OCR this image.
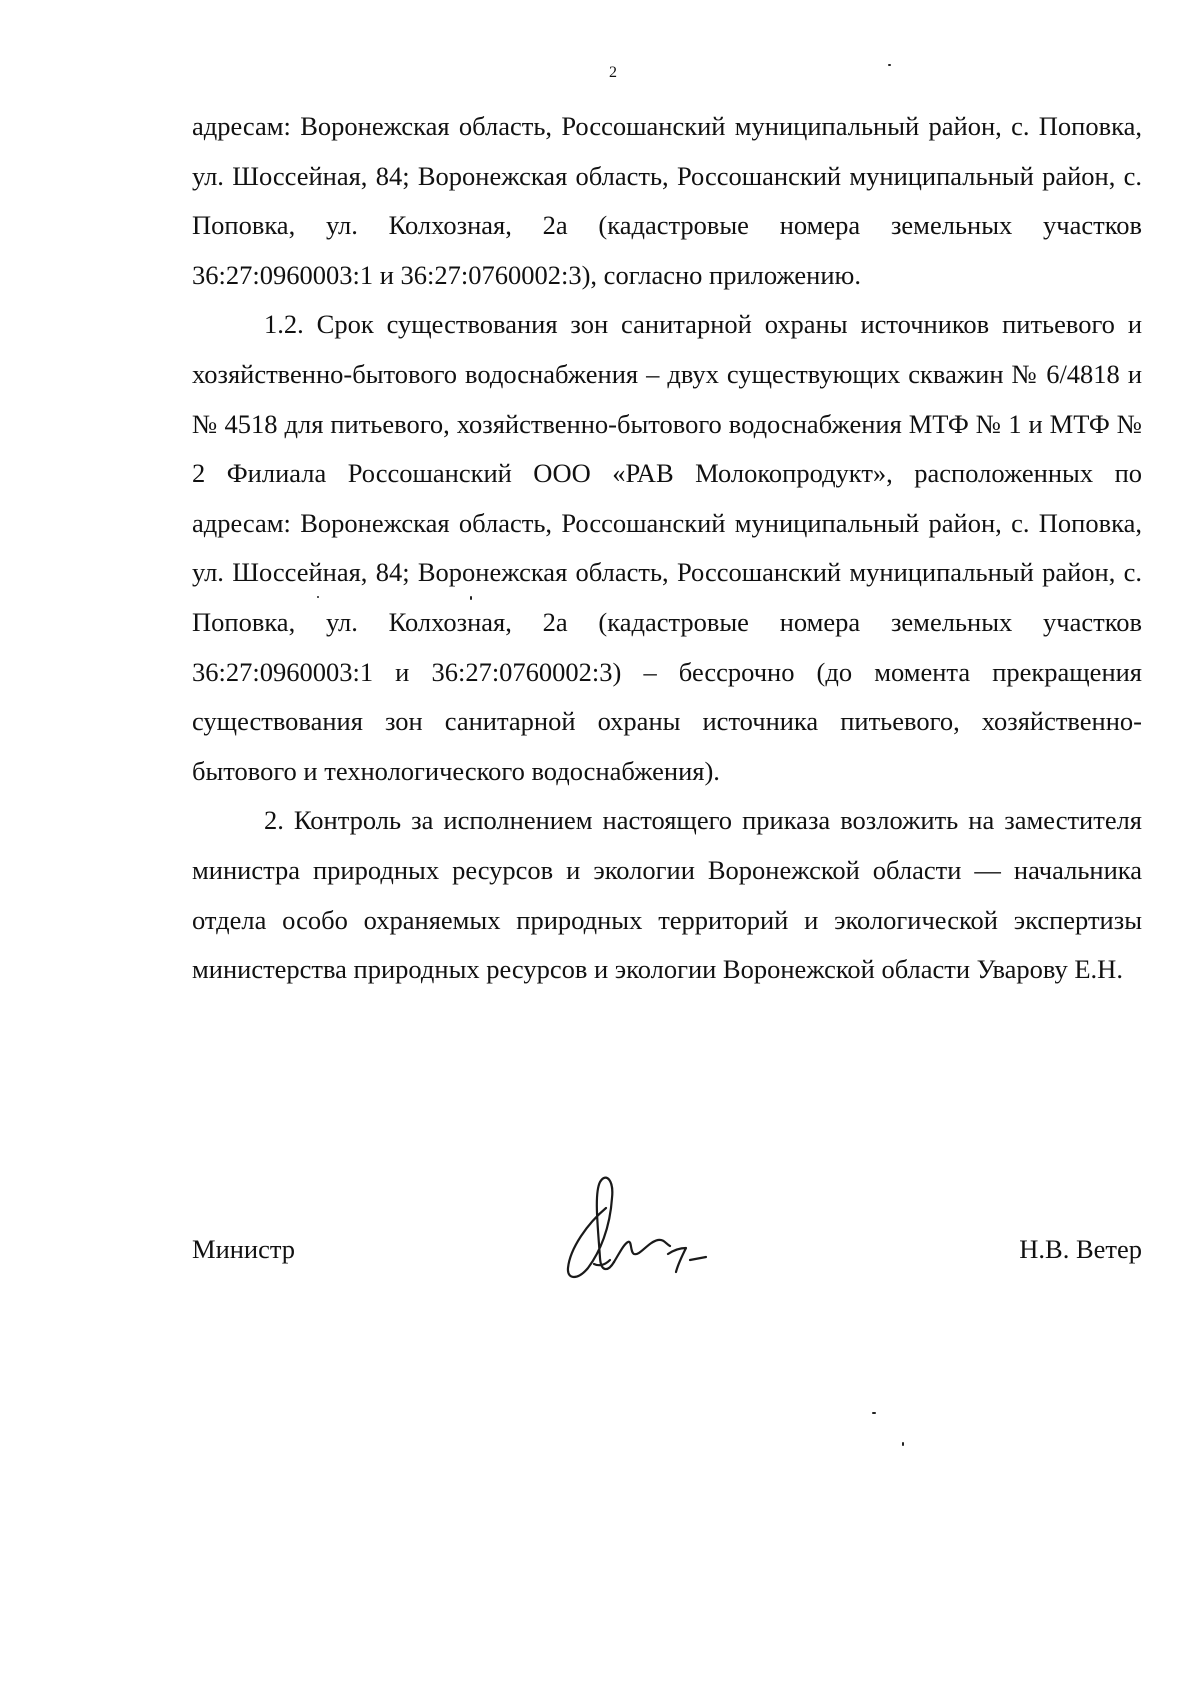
2

адресам: Воронежская область, Россошанский муниципальный район, с. Поповка, ул. Шоссейная, 84; Воронежская область, Россошанский муниципальный район, с. Поповка, ул. Колхозная, 2а (кадастровые номера земельных участков 36:27:0960003:1 и 36:27:0760002:3), согласно приложению.

1.2. Срок существования зон санитарной охраны источников питьевого и хозяйственно-бытового водоснабжения – двух существующих скважин № 6/4818 и № 4518 для питьевого, хозяйственно-бытового водоснабжения МТФ № 1 и МТФ № 2 Филиала Россошанский ООО «РАВ Молокопродукт», расположенных по адресам: Воронежская область, Россошанский муниципальный район, с. Поповка, ул. Шоссейная, 84; Воронежская область, Россошанский муниципальный район, с. Поповка, ул. Колхозная, 2а (кадастровые номера земельных участков 36:27:0960003:1 и 36:27:0760002:3) – бессрочно (до момента прекращения существования зон санитарной охраны источника питьевого, хозяйственно-бытового и технологического водоснабжения).

2. Контроль за исполнением настоящего приказа возложить на заместителя министра природных ресурсов и экологии Воронежской области — начальника отдела особо охраняемых природных территорий и экологической экспертизы министерства природных ресурсов и экологии Воронежской области Уварову Е.Н.

Министр	Н.В. Ветер
